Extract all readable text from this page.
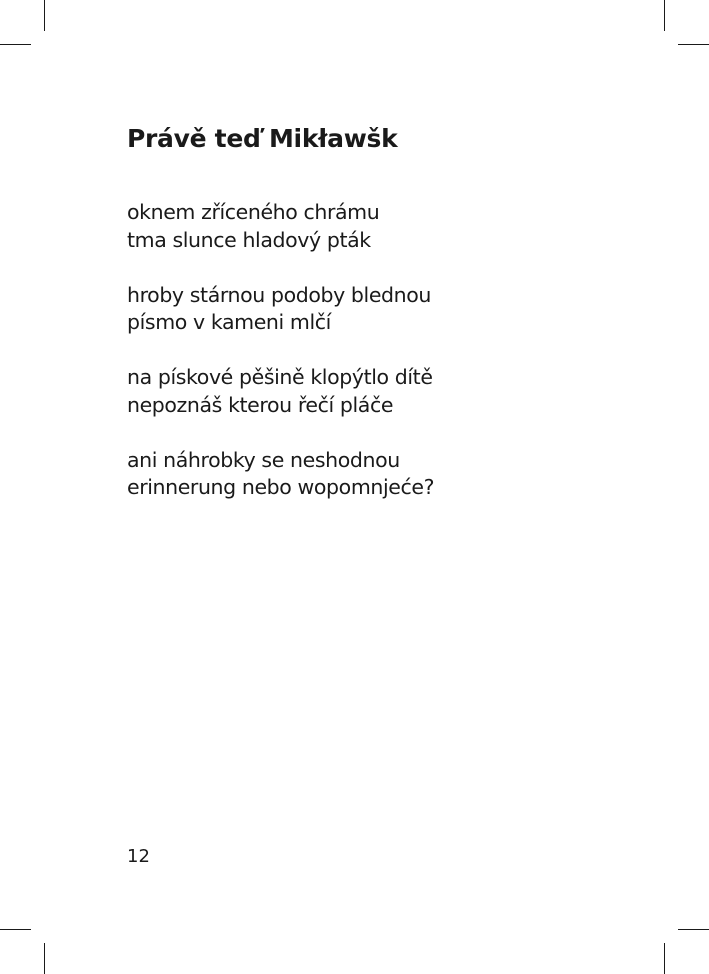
Právě teď Mikławšk

oknem zříceného chrámu
tma slunce hladový pták

hroby stárnou podoby blednou
písmo v kameni mlčí

na pískové pěšině klopýtlo dítě
nepoznáš kterou řečí pláče

ani náhrobky se neshodnou
erinnerung nebo wopomnjeće?

12
